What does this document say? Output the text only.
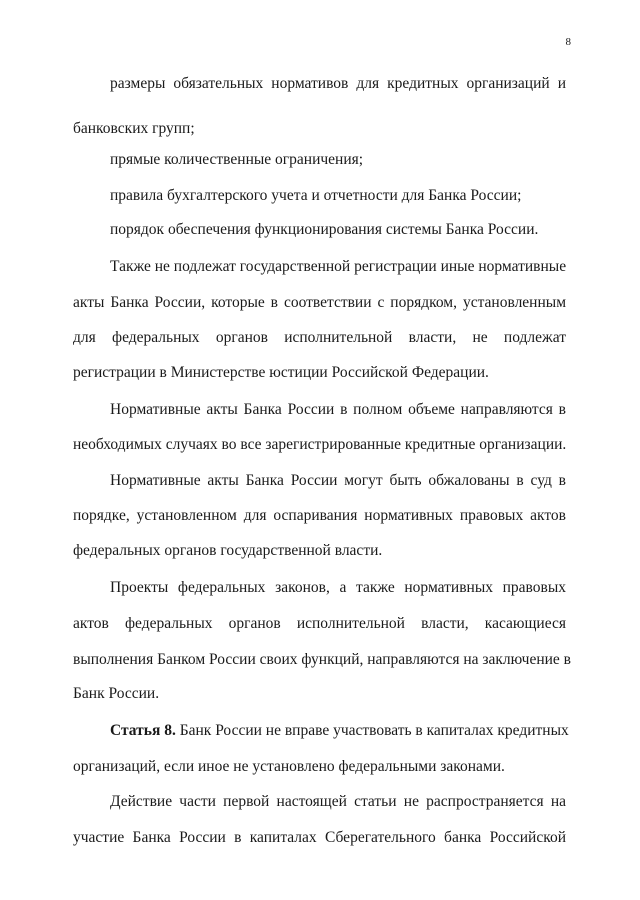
8
размеры обязательных нормативов для кредитных организаций и
банковских групп;
прямые количественные ограничения;
правила бухгалтерского учета и отчетности для Банка России;
порядок обеспечения функционирования системы Банка России.
Также не подлежат государственной регистрации иные нормативные
акты Банка России, которые в соответствии с порядком, установленным
для федеральных органов исполнительной власти, не подлежат
регистрации в Министерстве юстиции Российской Федерации.
Нормативные акты Банка России в полном объеме направляются в
необходимых случаях во все зарегистрированные кредитные организации.
Нормативные акты Банка России могут быть обжалованы в суд в
порядке, установленном для оспаривания нормативных правовых актов
федеральных органов государственной власти.
Проекты федеральных законов, а также нормативных правовых
актов федеральных органов исполнительной власти, касающиеся
выполнения Банком России своих функций, направляются на заключение в
Банк России.
Статья 8. Банк России не вправе участвовать в капиталах кредитных
организаций, если иное не установлено федеральными законами.
Действие части первой настоящей статьи не распространяется на
участие Банка России в капиталах Сберегательного банка Российской
